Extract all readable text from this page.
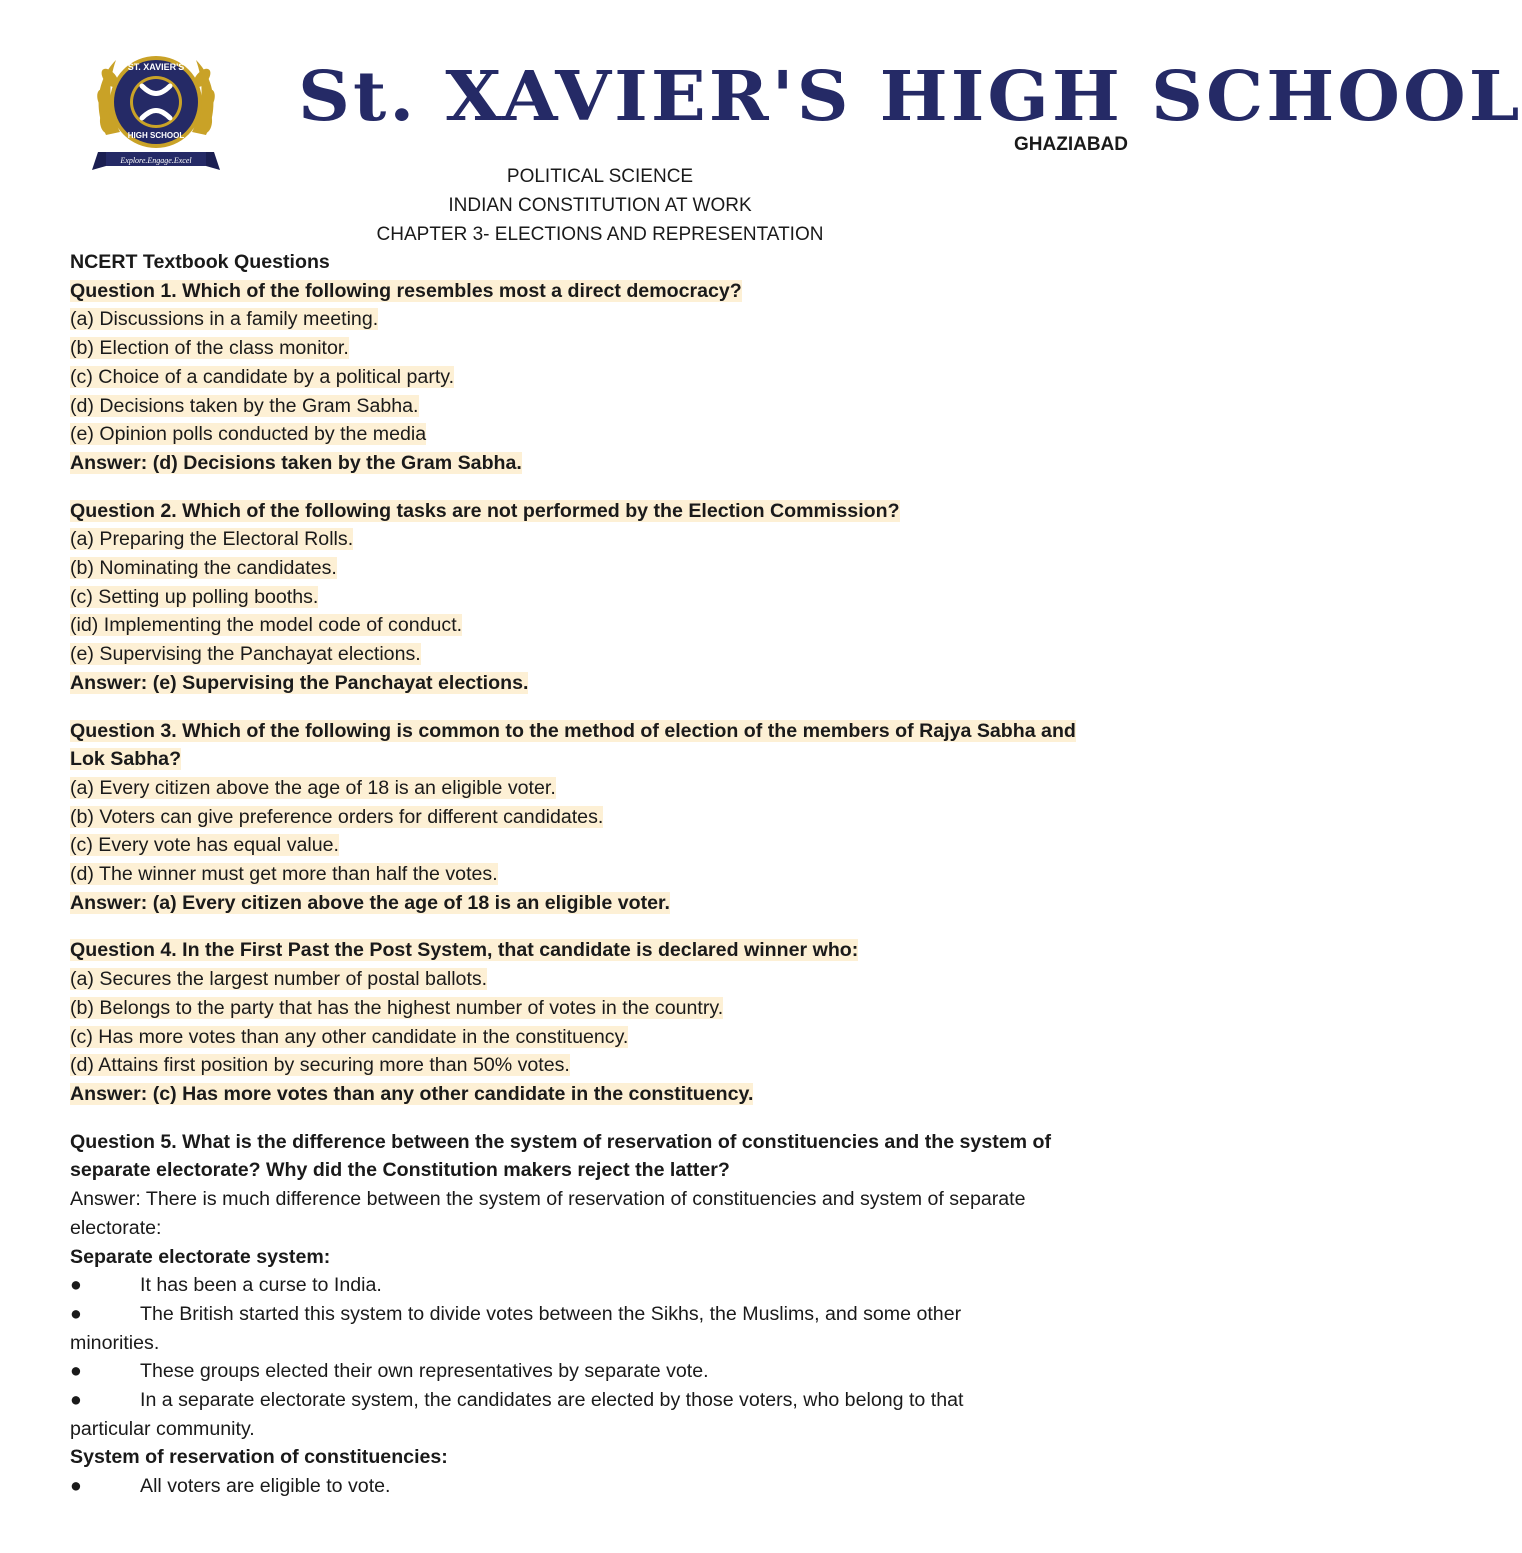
ST. XAVIER'S
HIGH SCHOOL
Explore.Engage.Excel
St. XAVIER'S HIGH SCHOOL
GHAZIABAD
POLITICAL SCIENCE
INDIAN CONSTITUTION AT WORK
CHAPTER 3- ELECTIONS AND REPRESENTATION

NCERT Textbook Questions

Question 1. Which of the following resembles most a direct democracy?

(a) Discussions in a family meeting.

(b) Election of the class monitor.

(c) Choice of a candidate by a political party.

(d) Decisions taken by the Gram Sabha.

(e) Opinion polls conducted by the media

Answer: (d) Decisions taken by the Gram Sabha.

Question 2. Which of the following tasks are not performed by the Election Commission?

(a) Preparing the Electoral Rolls.

(b) Nominating the candidates.

(c) Setting up polling booths.

(id) Implementing the model code of conduct.

(e) Supervising the Panchayat elections.

Answer: (e) Supervising the Panchayat elections.

Question 3. Which of the following is common to the method of election of the members of Rajya Sabha and

Lok Sabha?

(a) Every citizen above the age of 18 is an eligible voter.

(b) Voters can give preference orders for different candidates.

(c) Every vote has equal value.

(d) The winner must get more than half the votes.

Answer: (a) Every citizen above the age of 18 is an eligible voter.

Question 4. In the First Past the Post System, that candidate is declared winner who:

(a) Secures the largest number of postal ballots.

(b) Belongs to the party that has the highest number of votes in the country.

(c) Has more votes than any other candidate in the constituency.

(d) Attains first position by securing more than 50% votes.

Answer: (c) Has more votes than any other candidate in the constituency.

Question 5. What is the difference between the system of reservation of constituencies and the system of

separate electorate? Why did the Constitution makers reject the latter?

Answer: There is much difference between the system of reservation of constituencies and system of separate

electorate:

Separate electorate system:

●	It has been a curse to India.
●	The British started this system to divide votes between the Sikhs, the Muslims, and some other

minorities.

●	These groups elected their own representatives by separate vote.
●	In a separate electorate system, the candidates are elected by those voters, who belong to that

particular community.

System of reservation of constituencies:

●	All voters are eligible to vote.
